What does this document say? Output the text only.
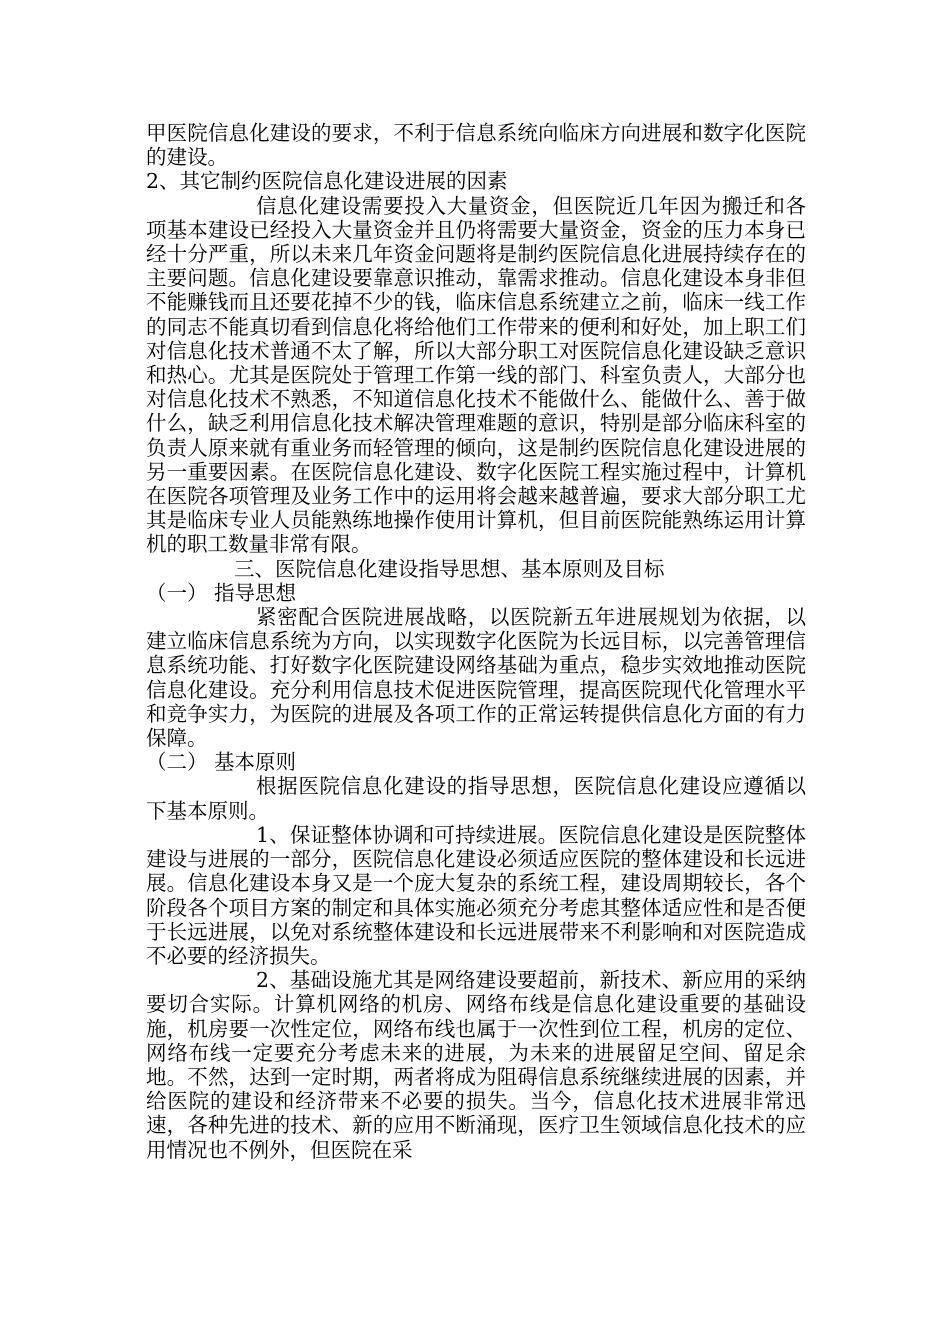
甲医院信息化建设的要求，不利于信息系统向临床方向进展和数字化医院的建设。

2、其它制约医院信息化建设进展的因素

信息化建设需要投入大量资金，但医院近几年因为搬迁和各项基本建设已经投入大量资金并且仍将需要大量资金，资金的压力本身已经十分严重，所以未来几年资金问题将是制约医院信息化进展持续存在的主要问题。信息化建设要靠意识推动，靠需求推动。信息化建设本身非但不能赚钱而且还要花掉不少的钱，临床信息系统建立之前，临床一线工作的同志不能真切看到信息化将给他们工作带来的便利和好处，加上职工们对信息化技术普通不太了解，所以大部分职工对医院信息化建设缺乏意识和热心。尤其是医院处于管理工作第一线的部门、科室负责人，大部分也对信息化技术不熟悉，不知道信息化技术不能做什么、能做什么、善于做什么，缺乏利用信息化技术解决管理难题的意识，特别是部分临床科室的负责人原来就有重业务而轻管理的倾向，这是制约医院信息化建设进展的另一重要因素。在医院信息化建设、数字化医院工程实施过程中，计算机在医院各项管理及业务工作中的运用将会越来越普遍，要求大部分职工尤其是临床专业人员能熟练地操作使用计算机，但目前医院能熟练运用计算机的职工数量非常有限。

三、医院信息化建设指导思想、基本原则及目标

（一） 指导思想

紧密配合医院进展战略，以医院新五年进展规划为依据，以建立临床信息系统为方向，以实现数字化医院为长远目标，以完善管理信息系统功能、打好数字化医院建设网络基础为重点，稳步实效地推动医院信息化建设。充分利用信息技术促进医院管理，提高医院现代化管理水平和竞争实力，为医院的进展及各项工作的正常运转提供信息化方面的有力保障。

（二） 基本原则

根据医院信息化建设的指导思想，医院信息化建设应遵循以下基本原则。

1、保证整体协调和可持续进展。医院信息化建设是医院整体建设与进展的一部分，医院信息化建设必须适应医院的整体建设和长远进展。信息化建设本身又是一个庞大复杂的系统工程，建设周期较长，各个阶段各个项目方案的制定和具体实施必须充分考虑其整体适应性和是否便于长远进展，以免对系统整体建设和长远进展带来不利影响和对医院造成不必要的经济损失。

2、基础设施尤其是网络建设要超前，新技术、新应用的采纳要切合实际。计算机网络的机房、网络布线是信息化建设重要的基础设施，机房要一次性定位，网络布线也属于一次性到位工程，机房的定位、网络布线一定要充分考虑未来的进展，为未来的进展留足空间、留足余地。不然，达到一定时期，两者将成为阻碍信息系统继续进展的因素，并给医院的建设和经济带来不必要的损失。当今，信息化技术进展非常迅速，各种先进的技术、新的应用不断涌现，医疗卫生领域信息化技术的应用情况也不例外，但医院在采
